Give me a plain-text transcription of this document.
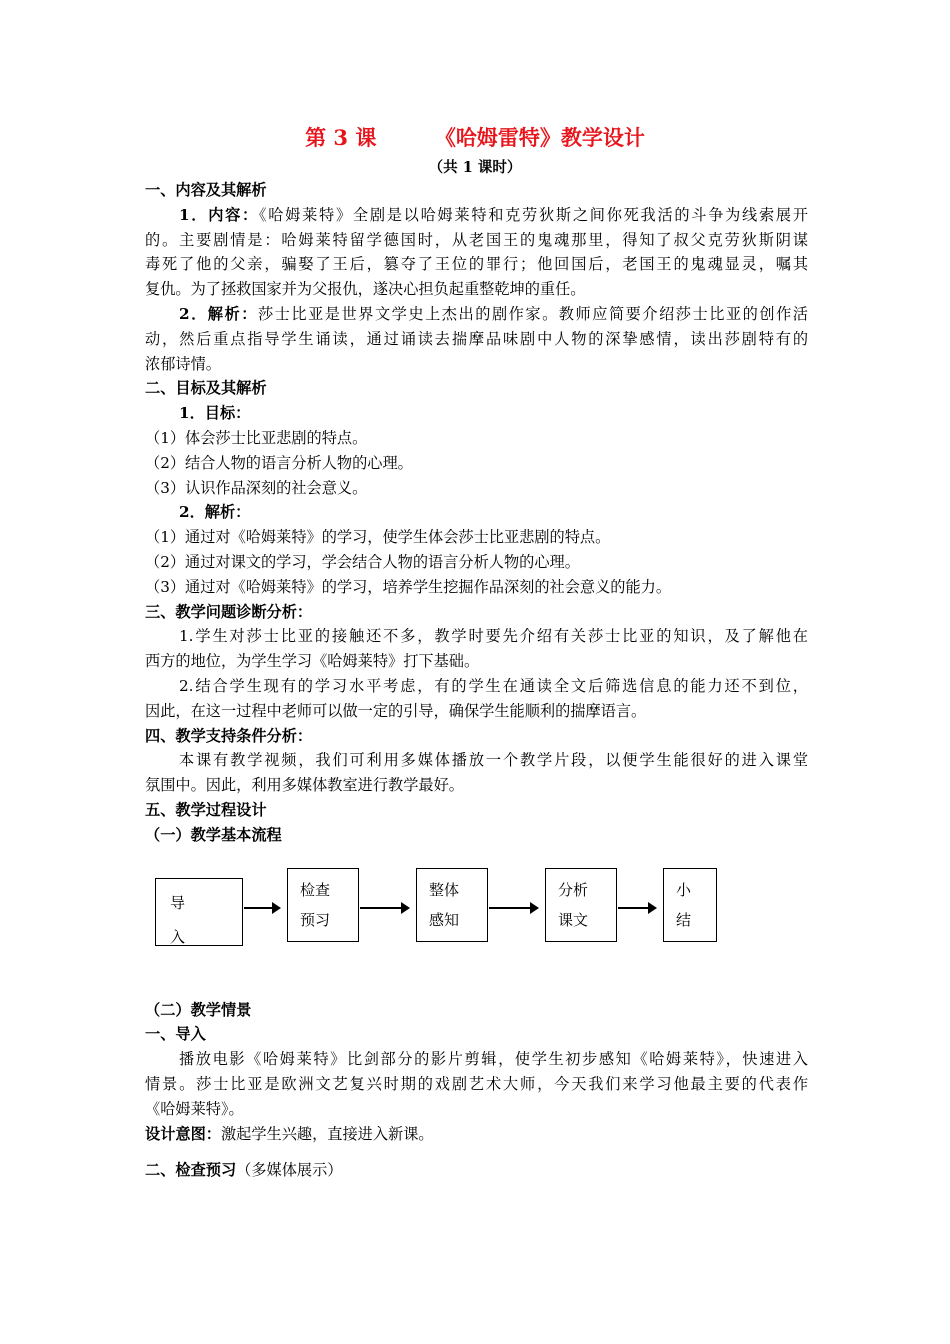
第 3 课        《哈姆雷特》教学设计
（共 1 课时）
一、内容及其解析
1．内容：《哈姆莱特》全剧是以哈姆莱特和克劳狄斯之间你死我活的斗争为线索展开
的。主要剧情是：哈姆莱特留学德国时，从老国王的鬼魂那里，得知了叔父克劳狄斯阴谋
毒死了他的父亲，骗娶了王后，篡夺了王位的罪行；他回国后，老国王的鬼魂显灵，嘱其
复仇。为了拯救国家并为父报仇，遂决心担负起重整乾坤的重任。
2．解析：莎士比亚是世界文学史上杰出的剧作家。教师应简要介绍莎士比亚的创作活
动，然后重点指导学生诵读，通过诵读去揣摩品味剧中人物的深挚感情，读出莎剧特有的
浓郁诗情。
二、目标及其解析
1．目标：
（1）体会莎士比亚悲剧的特点。
（2）结合人物的语言分析人物的心理。
（3）认识作品深刻的社会意义。
2．解析：
（1）通过对《哈姆莱特》的学习，使学生体会莎士比亚悲剧的特点。
（2）通过对课文的学习，学会结合人物的语言分析人物的心理。
（3）通过对《哈姆莱特》的学习，培养学生挖掘作品深刻的社会意义的能力。
三、教学问题诊断分析：
1.学生对莎士比亚的接触还不多，教学时要先介绍有关莎士比亚的知识，及了解他在
西方的地位，为学生学习《哈姆莱特》打下基础。
2.结合学生现有的学习水平考虑，有的学生在通读全文后筛选信息的能力还不到位，
因此，在这一过程中老师可以做一定的引导，确保学生能顺利的揣摩语言。
四、教学支持条件分析：
本课有教学视频，我们可利用多媒体播放一个教学片段，以便学生能很好的进入课堂
氛围中。因此，利用多媒体教室进行教学最好。
五、教学过程设计
（一）教学基本流程
导
入
检查
预习
整体
感知
分析
课文
小
结
（二）教学情景
一、导入
播放电影《哈姆莱特》比剑部分的影片剪辑，使学生初步感知《哈姆莱特》，快速进入
情景。莎士比亚是欧洲文艺复兴时期的戏剧艺术大师，今天我们来学习他最主要的代表作
《哈姆莱特》。
设计意图：激起学生兴趣，直接进入新课。
二、检查预习（多媒体展示）
